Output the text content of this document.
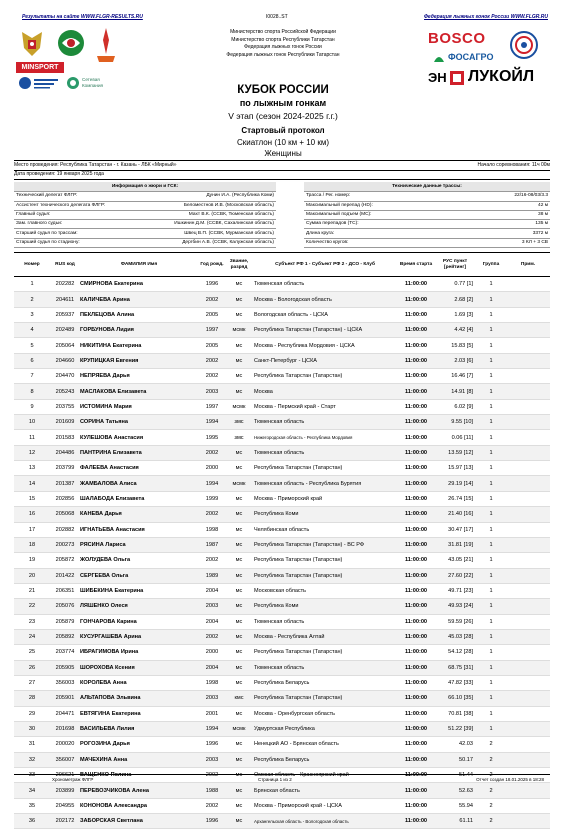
Результаты на сайте WWW.FLGR-RESULTS.RU	I0028..ST	Федерация лыжных гонок России WWW.FLGR.RU
MINSPORT
Сетевая Компания
Министерство спорта Российской Федерации
Министерство спорта Республики Татарстан
Федерация лыжных гонок России
Федерация лыжных гонок Республики Татарстан
BOSCO
ФОСАГРО
ЭН ЛУКОЙЛ
КУБОК РОССИИ
по лыжным гонкам
V этап (сезон 2024-2025 г.г.)
Стартовый протокол
Скиатлон (10 км + 10 км)
Женщины
Место проведения: Республика Татарстан - г. Казань - ЛБК «Мирный»	Начало соревнования: 11ч 00м
Дата проведения: 19 января 2025 года
Информация о жюри и ГСК:
Технический делегат ФЛГР:	Дунин И.А. (Республика Коми)
Ассистент технического делегата ФЛГР:	Беломестнов И.В. (Московская область)
Главный судья:	Махт В.К. (ССВК, Тюменская область)
Зам. главного судьи:	Ишкинин Д.М. (ССВК, Сахалинская область)
Старший судья по трассам:	Швец В.П. (ССВК, Мурманская область)
Старший судья по стадиону:	Дергбин А.В. (ССВК, Калужская область)
Технические данные трассы:
Трасса / Рег. номер:	22/16-08/03/3.3
Максимальный перепад (HD):	42 м
Максимальный подъем (MC):	38 м
Сумма перепадов (TC):	135 м
Длина круга:	3372 м
Количество кругов:	3 КЛ + 3 СВ
Номер	RUS код	ФАМИЛИЯ Имя	Год рожд.	Звание, разряд	Субъект РФ 1 - Субъект РФ 2 - ДСО - Клуб	Время старта	РУС пункт [рейтинг]	Группа	Прим.
1	202282	СМИРНОВА Екатерина	1996	мс	Тюменская область	11:00:00	0.77 [1]	1	
2	204611	КАЛИЧЕВА Арина	2002	мс	Москва - Вологодская область	11:00:00	2.68 [2]	1	
3	205937	ПЕКЛЕЦОВА Алина	2005	мс	Вологодская область - ЦСКА	11:00:00	1.69 [3]	1	
4	202489	ГОРБУНОВА Лидия	1997	мсмк	Республика Татарстан (Татарстан) - ЦСКА	11:00:00	4.42 [4]	1	
5	205064	НИКИТИНА Екатерина	2005	мс	Москва - Республика Мордовия - ЦСКА	11:00:00	15.83 [5]	1	
6	204660	КРУПИЦКАЯ Евгения	2002	мс	Санкт-Петербург - ЦСКА	11:00:00	2.03 [6]	1	
7	204470	НЕПРЯЕВА Дарья	2002	мс	Республика Татарстан (Татарстан)	11:00:00	16.46 [7]	1	
8	205243	МАСЛАКОВА Елизавета	2003	мс	Москва	11:00:00	14.91 [8]	1	
9	203755	ИСТОМИНА Мария	1997	мсмк	Москва - Пермский край - Старт	11:00:00	6.02 [9]	1	
10	201609	СОРИНА Татьяна	1994	змс	Тюменская область	11:00:00	9.55 [10]	1	
11	201583	КУЛЕШОВА Анастасия	1995	змс	Нижегородская область - Республика Мордовия	11:00:00	0.06 [11]	1	
12	204486	ПАНТРИНА Елизавета	2002	мс	Тюменская область	11:00:00	13.59 [12]	1	
13	203799	ФАЛЕЕВА Анастасия	2000	мс	Республика Татарстан (Татарстан)	11:00:00	15.97 [13]	1	
14	201387	ЖАМБАЛОВА Алиса	1994	мсмк	Тюменская область - Республика Бурятия	11:00:00	29.19 [14]	1	
15	202856	ШАЛАБОДА Елизавета	1999	мс	Москва - Приморский край	11:00:00	26.74 [15]	1	
16	205068	КАНЕВА Дарья	2002	мс	Республика Коми	11:00:00	21.40 [16]	1	
17	202882	ИГНАТЬЕВА Анастасия	1998	мс	Челябинская область	11:00:00	30.47 [17]	1	
18	200273	РЯСИНА Лариса	1987	мс	Республика Татарстан (Татарстан) - ВС РФ	11:00:00	31.81 [19]	1	
19	205872	ЖОЛУДЕВА Ольга	2002	мс	Республика Татарстан (Татарстан)	11:00:00	43.05 [21]	1	
20	201422	СЕРГЕЕВА Ольга	1989	мс	Республика Татарстан (Татарстан)	11:00:00	27.60 [22]	1	
21	206351	ШИБЕКИНА Екатерина	2004	мс	Московская область	11:00:00	49.71 [23]	1	
22	205076	ЛЯШЕНКО Олеся	2003	мс	Республика Коми	11:00:00	49.93 [24]	1	
23	205879	ГОНЧАРОВА Карина	2004	мс	Тюменская область	11:00:00	59.59 [26]	1	
24	205892	КУСУРГАШЕВА Арина	2002	мс	Москва - Республика Алтай	11:00:00	45.03 [28]	1	
25	203774	ИБРАГИМОВА Ирина	2000	мс	Республика Татарстан (Татарстан)	11:00:00	54.12 [28]	1	
26	205905	ШОРОХОВА Ксения	2004	мс	Тюменская область	11:00:00	68.75 [31]	1	
27	356003	КОРОЛЕВА Анна	1998	мс	Республика Беларусь	11:00:00	47.82 [33]	1	
28	205901	АЛЬТАПОВА Эльвина	2003	кмс	Республика Татарстан (Татарстан)	11:00:00	66.10 [35]	1	
29	204471	ЕВТЯГИНА Екатерина	2001	мс	Москва - Оренбургская область	11:00:00	70.81 [38]	1	
30	201698	ВАСИЛЬЕВА Лилия	1994	мсмк	Удмуртская Республика	11:00:00	51.22 [39]	1	
31	200020	РОГОЗИНА Дарья	1996	мс	Ненецкий АО - Брянская область	11:00:00	42.03	2	
32	356007	МАЧЕХИНА Анна	2003	мс	Республика Беларусь	11:00:00	50.17	2	
33	206621	ВАЩЕНКО Полина	2002	мс	Омская область - Красноярский край	11:00:00	51.44	2	
34	203899	ПЕРЕВОЗЧИКОВА Алена	1988	мс	Брянская область	11:00:00	52.63	2	
35	204955	КОНОНОВА Александра	2002	мс	Москва - Приморский край - ЦСКА	11:00:00	55.94	2	
36	202172	ЗАБОРСКАЯ Светлана	1996	мс	Архангельская область - Вологодская область	11:00:00	61.11	2	
Хронометраж ФЛГР	Страница 1 из 2	Отчет создан 18.01.2025 в 18:28
